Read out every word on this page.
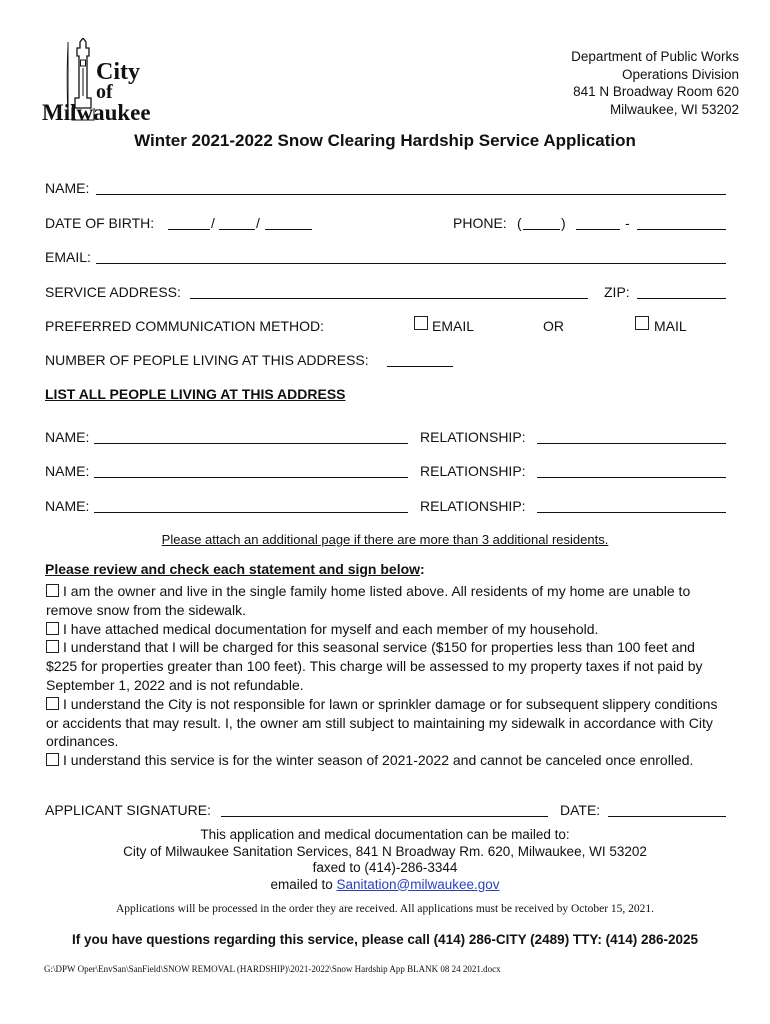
City
of
Milwaukee
Department of Public Works
Operations Division
841 N Broadway Room 620
Milwaukee, WI 53202
Winter 2021-2022 Snow Clearing Hardship Service Application
NAME:
DATE OF BIRTH:	/	/	PHONE: (	)	-
EMAIL:
SERVICE ADDRESS:	ZIP:
PREFERRED COMMUNICATION METHOD:	EMAIL	OR	MAIL
NUMBER OF PEOPLE LIVING AT THIS ADDRESS:
LIST ALL PEOPLE LIVING AT THIS ADDRESS
NAME:	RELATIONSHIP:
NAME:	RELATIONSHIP:
NAME:	RELATIONSHIP:
Please attach an additional page if there are more than 3 additional residents.
Please review and check each statement and sign below:
I am the owner and live in the single family home listed above. All residents of my home are unable to remove snow from the sidewalk.
I have attached medical documentation for myself and each member of my household.
I understand that I will be charged for this seasonal service ($150 for properties less than 100 feet and $225 for properties greater than 100 feet). This charge will be assessed to my property taxes if not paid by September 1, 2022 and is not refundable.
I understand the City is not responsible for lawn or sprinkler damage or for subsequent slippery conditions or accidents that may result. I, the owner am still subject to maintaining my sidewalk in accordance with City ordinances.
I understand this service is for the winter season of 2021-2022 and cannot be canceled once enrolled.
APPLICANT SIGNATURE:	DATE:
This application and medical documentation can be mailed to:
City of Milwaukee Sanitation Services, 841 N Broadway Rm. 620, Milwaukee, WI 53202
faxed to (414)-286-3344
emailed to Sanitation@milwaukee.gov
Applications will be processed in the order they are received. All applications must be received by October 15, 2021.
If you have questions regarding this service, please call (414) 286-CITY (2489) TTY: (414) 286-2025
G:\DPW Oper\EnvSan\SanField\SNOW REMOVAL (HARDSHIP)\2021-2022\Snow Hardship App BLANK 08 24 2021.docx
